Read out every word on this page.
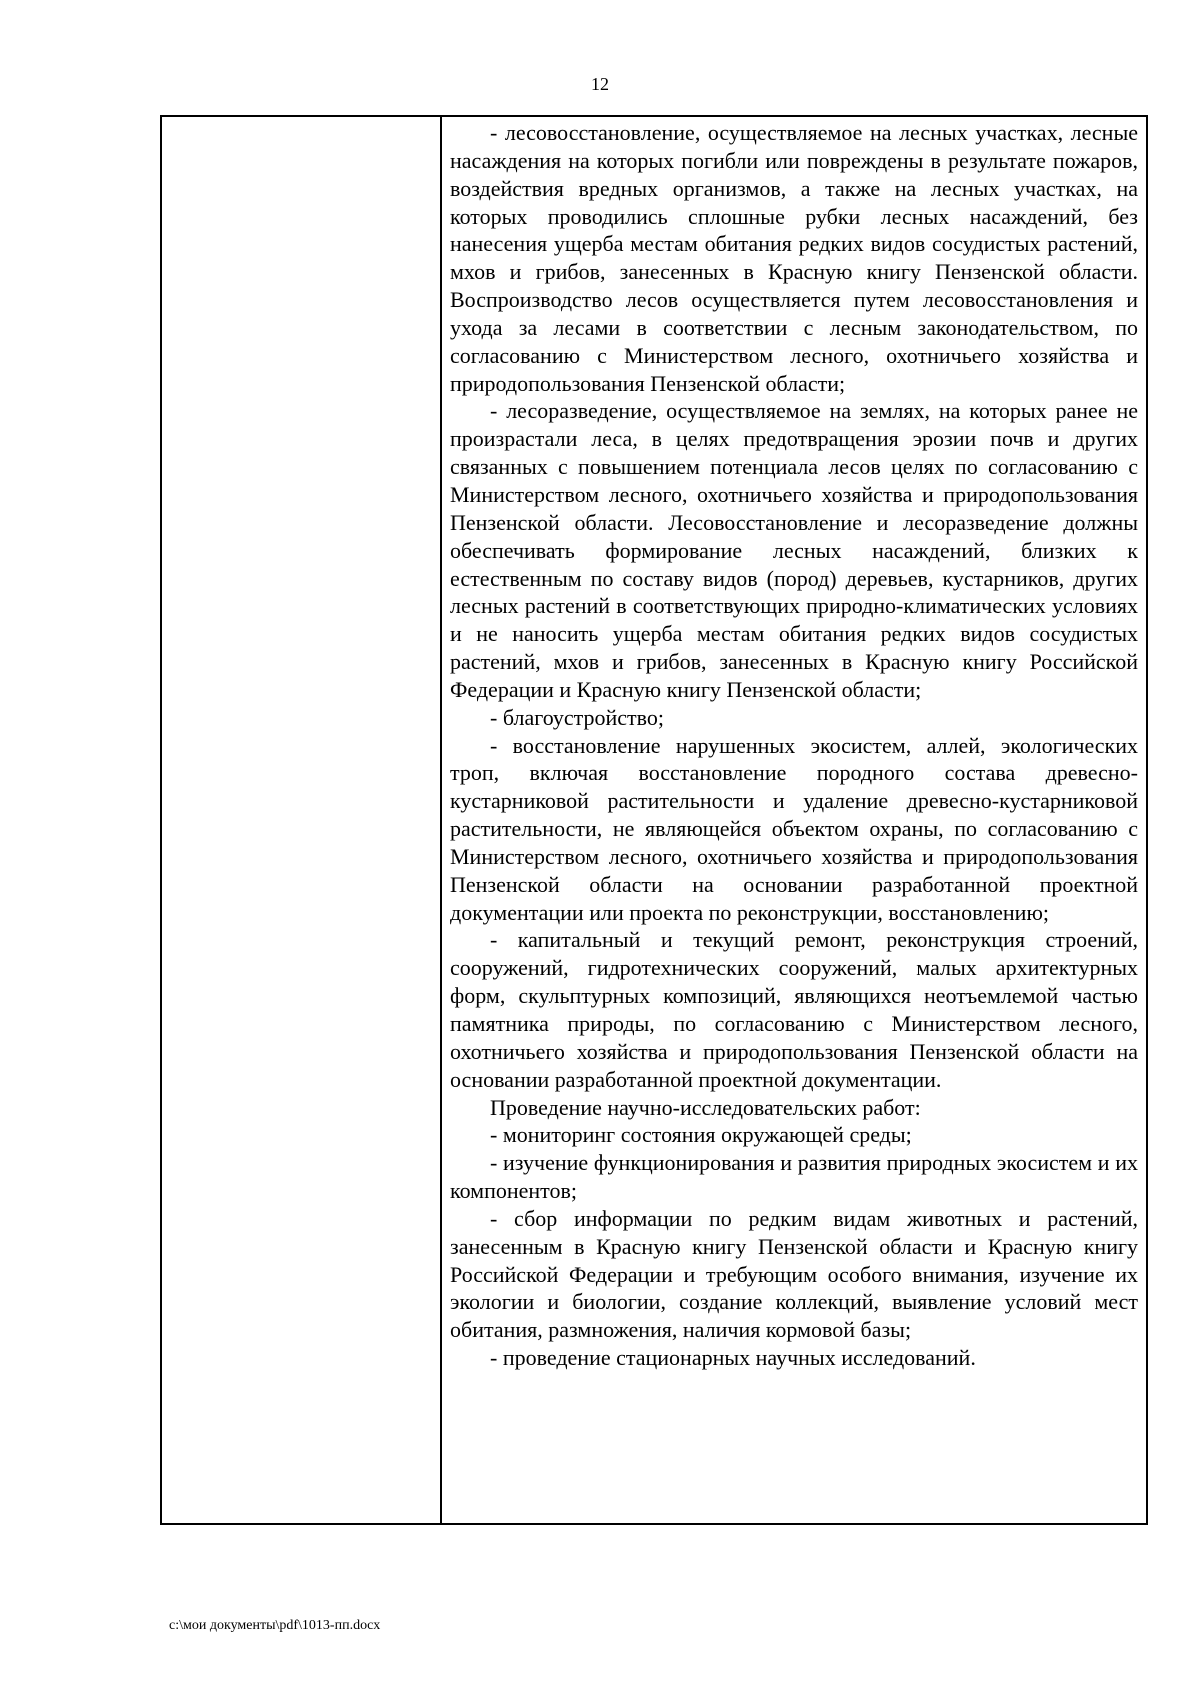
12

- лесовосстановление, осуществляемое на лесных участках, лесные насаждения на которых погибли или повреждены в результате пожаров, воздействия вредных организмов, а также на лесных участках, на которых проводились сплошные рубки лесных насаждений, без нанесения ущерба местам обитания редких видов сосудистых растений, мхов и грибов, занесенных в Красную книгу Пензенской области. Воспроизводство лесов осуществляется путем лесовосстановления и ухода за лесами в соответствии с лесным законодательством, по согласованию с Министерством лесного, охотничьего хозяйства и природопользования Пензенской области;

- лесоразведение, осуществляемое на землях, на которых ранее не произрастали леса, в целях предотвращения эрозии почв и других связанных с повышением потенциала лесов целях по согласованию с Министерством лесного, охотничьего хозяйства и природопользования Пензенской области. Лесовосстановление и лесоразведение должны обеспечивать формирование лесных насаждений, близких к естественным по составу видов (пород) деревьев, кустарников, других лесных растений в соответствующих природно-климатических условиях и не наносить ущерба местам обитания редких видов сосудистых растений, мхов и грибов, занесенных в Красную книгу Российской Федерации и Красную книгу Пензенской области;

- благоустройство;

- восстановление нарушенных экосистем, аллей, экологических троп, включая восстановление породного состава древесно-кустарниковой растительности и удаление древесно-кустарниковой растительности, не являющейся объектом охраны, по согласованию с Министерством лесного, охотничьего хозяйства и природопользования Пензенской области на основании разработанной проектной документации или проекта по реконструкции, восстановлению;

- капитальный и текущий ремонт, реконструкция строений, сооружений, гидротехнических сооружений, малых архитектурных форм, скульптурных композиций, являющихся неотъемлемой частью памятника природы, по согласованию с Министерством лесного, охотничьего хозяйства и природопользования Пензенской области на основании разработанной проектной документации.

Проведение научно-исследовательских работ:

- мониторинг состояния окружающей среды;

- изучение функционирования и развития природных экосистем и их компонентов;

- сбор информации по редким видам животных и растений, занесенным в Красную книгу Пензенской области и Красную книгу Российской Федерации и требующим особого внимания, изучение их экологии и биологии, создание коллекций, выявление условий мест обитания, размножения, наличия кормовой базы;

- проведение стационарных научных исследований.

c:\мои документы\pdf\1013-пп.docx
